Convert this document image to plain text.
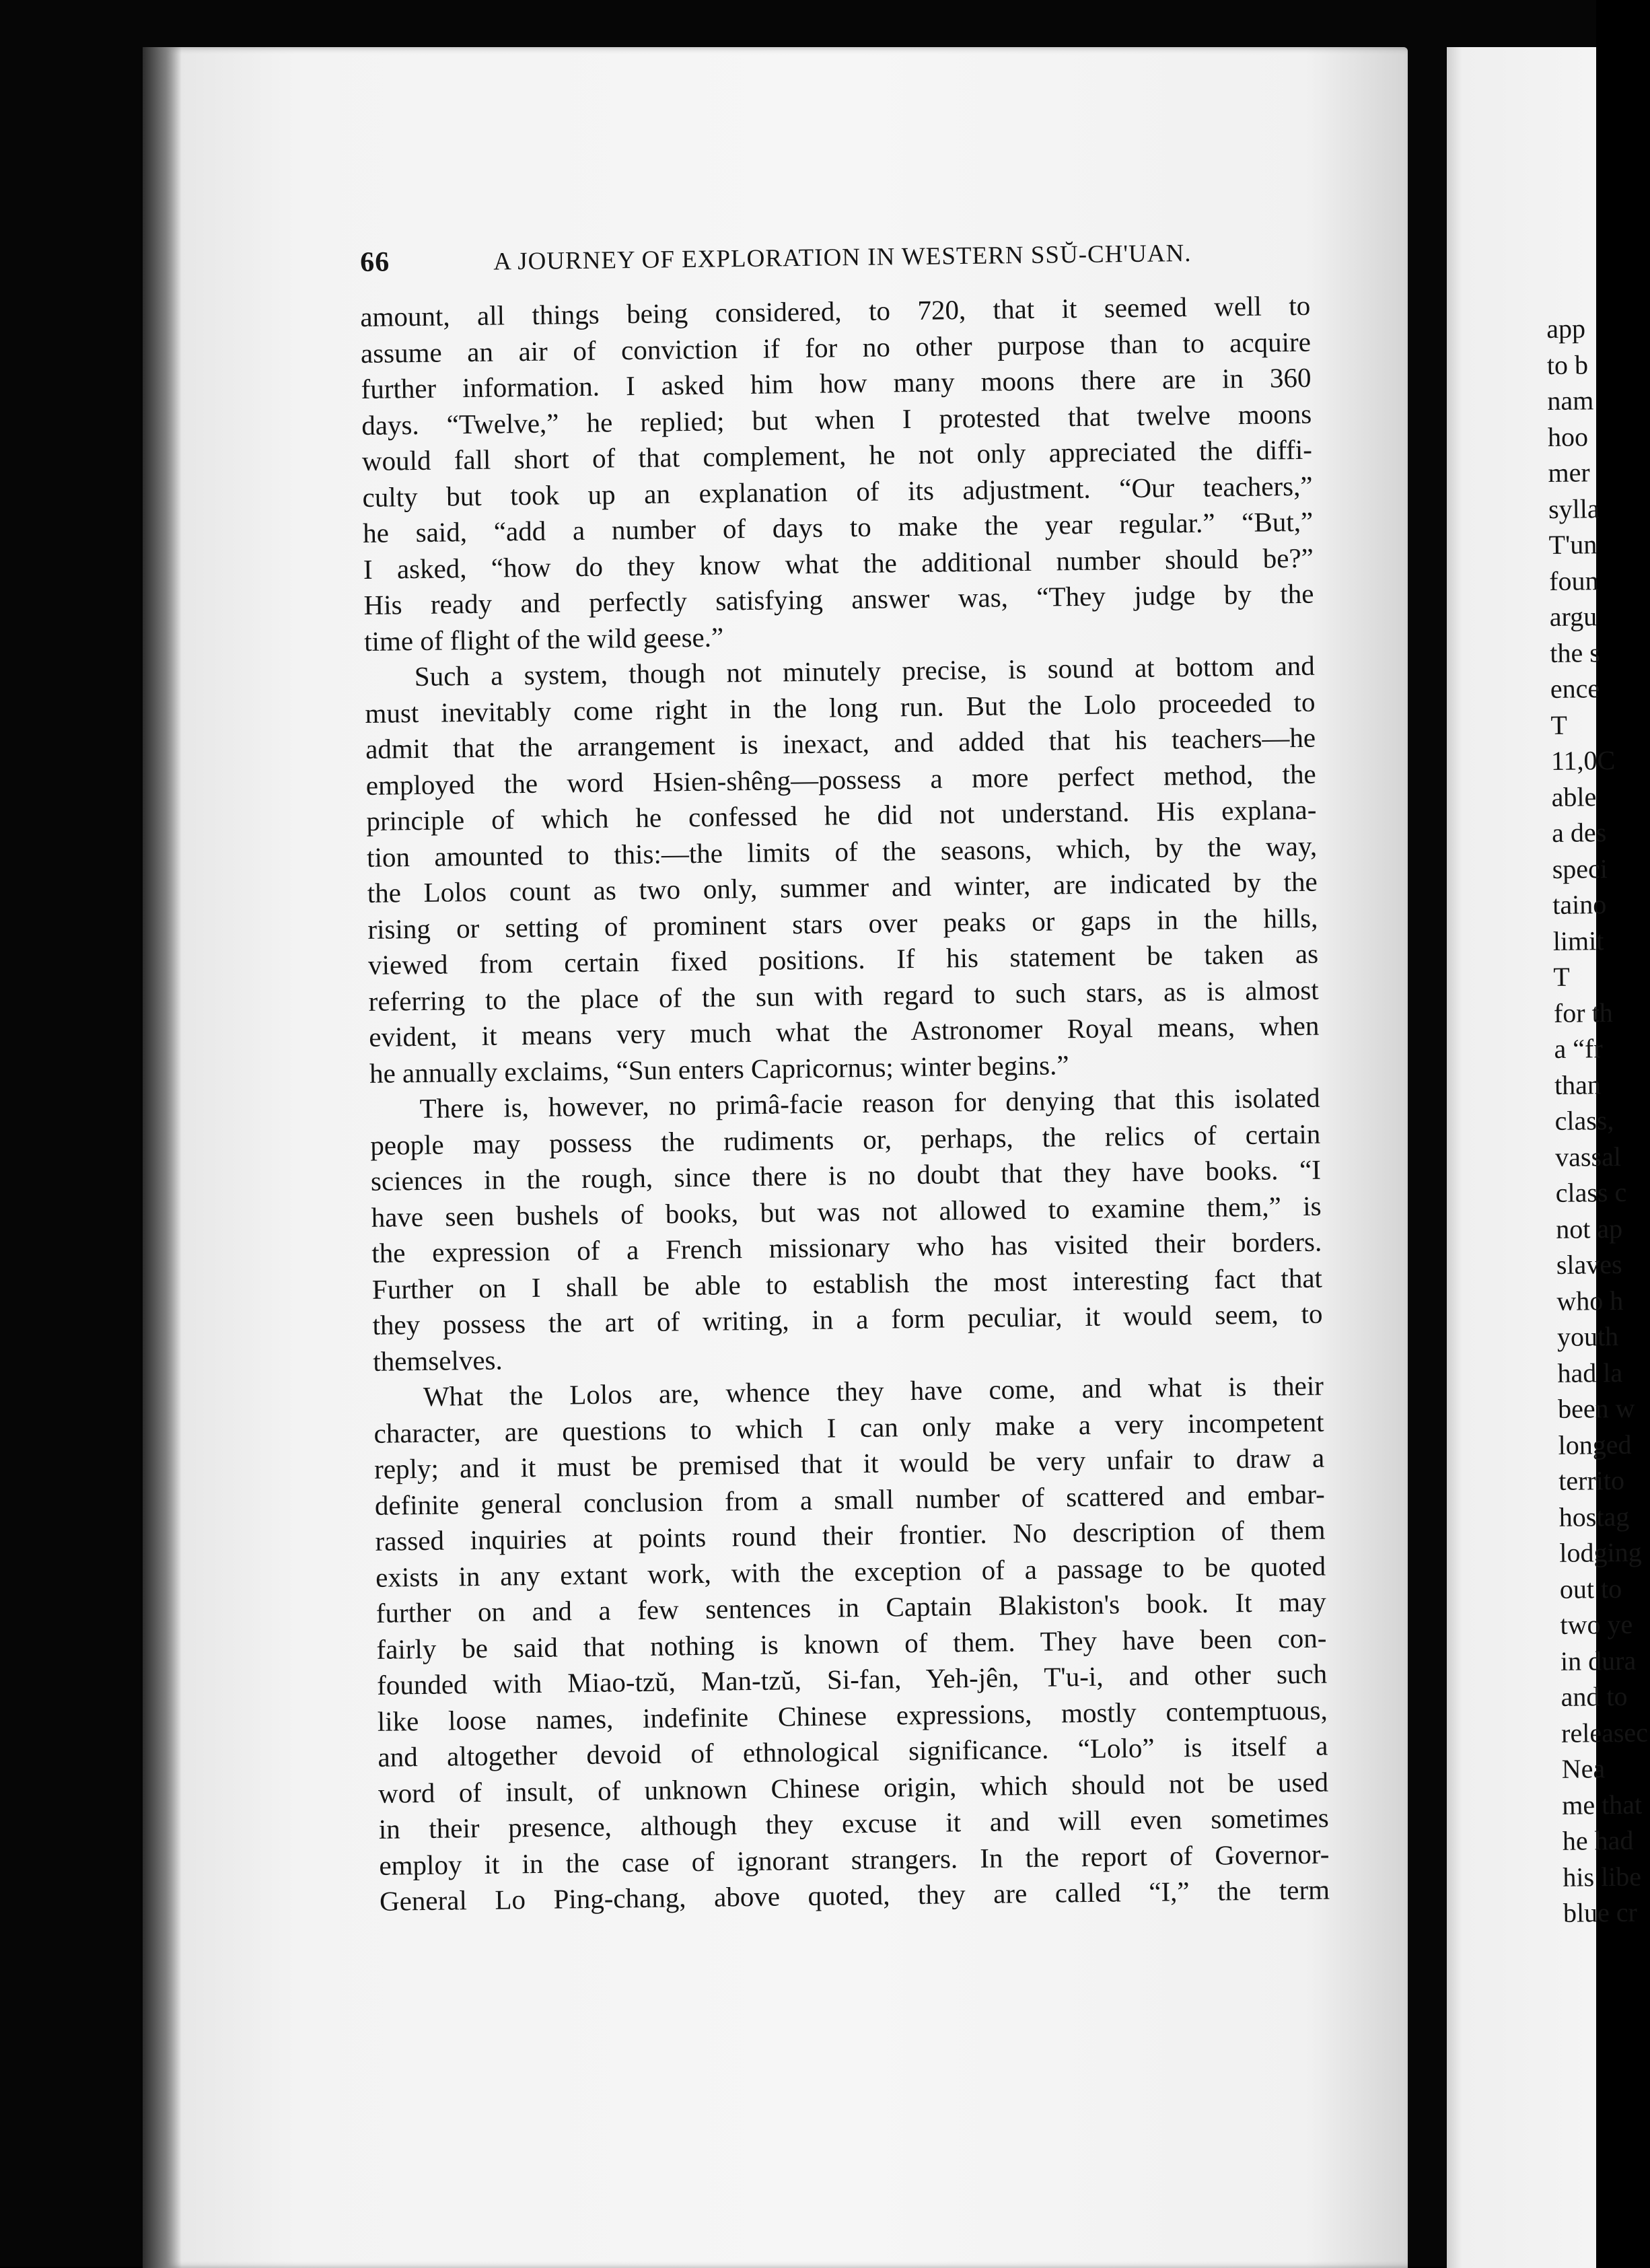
66	A JOURNEY OF EXPLORATION IN WESTERN SSŬ-CH'UAN.
amount, all things being considered, to 720, that it seemed well to
assume an air of conviction if for no other purpose than to acquire
further information. I asked him how many moons there are in 360
days. “Twelve,” he replied; but when I protested that twelve moons
would fall short of that complement, he not only appreciated the diffi-
culty but took up an explanation of its adjustment. “Our teachers,”
he said, “add a number of days to make the year regular.” “But,”
I asked, “how do they know what the additional number should be?”
His ready and perfectly satisfying answer was, “They judge by the
time of flight of the wild geese.”
Such a system, though not minutely precise, is sound at bottom and
must inevitably come right in the long run. But the Lolo proceeded to
admit that the arrangement is inexact, and added that his teachers—he
employed the word Hsien-shêng—possess a more perfect method, the
principle of which he confessed he did not understand. His explana-
tion amounted to this:—the limits of the seasons, which, by the way,
the Lolos count as two only, summer and winter, are indicated by the
rising or setting of prominent stars over peaks or gaps in the hills,
viewed from certain fixed positions. If his statement be taken as
referring to the place of the sun with regard to such stars, as is almost
evident, it means very much what the Astronomer Royal means, when
he annually exclaims, “Sun enters Capricornus; winter begins.”
There is, however, no primâ-facie reason for denying that this isolated
people may possess the rudiments or, perhaps, the relics of certain
sciences in the rough, since there is no doubt that they have books. “I
have seen bushels of books, but was not allowed to examine them,” is
the expression of a French missionary who has visited their borders.
Further on I shall be able to establish the most interesting fact that
they possess the art of writing, in a form peculiar, it would seem, to
themselves.
What the Lolos are, whence they have come, and what is their
character, are questions to which I can only make a very incompetent
reply; and it must be premised that it would be very unfair to draw a
definite general conclusion from a small number of scattered and embar-
rassed inquiries at points round their frontier. No description of them
exists in any extant work, with the exception of a passage to be quoted
further on and a few sentences in Captain Blakiston's book. It may
fairly be said that nothing is known of them. They have been con-
founded with Miao-tzŭ, Man-tzŭ, Si-fan, Yeh-jên, T'u-i, and other such
like loose names, indefinite Chinese expressions, mostly contemptuous,
and altogether devoid of ethnological significance. “Lolo” is itself a
word of insult, of unknown Chinese origin, which should not be used
in their presence, although they excuse it and will even sometimes
employ it in the case of ignorant strangers. In the report of Governor-
General Lo Ping-chang, above quoted, they are called “I,” the term
app
to b
nam
hoo
mer
sylla
T'un
foun
argu
the s
ence
T
11,0C
able
a des
speci
taino
limit
T
for th
a “fr
than
class,
vassal
class c
not ap
slaves
who h
youth
had la
been w
longed
territo
hostag
lodging
out to
two ye
in dura
and to
releasec
Nea
me that
he had
his libe
blue cr
